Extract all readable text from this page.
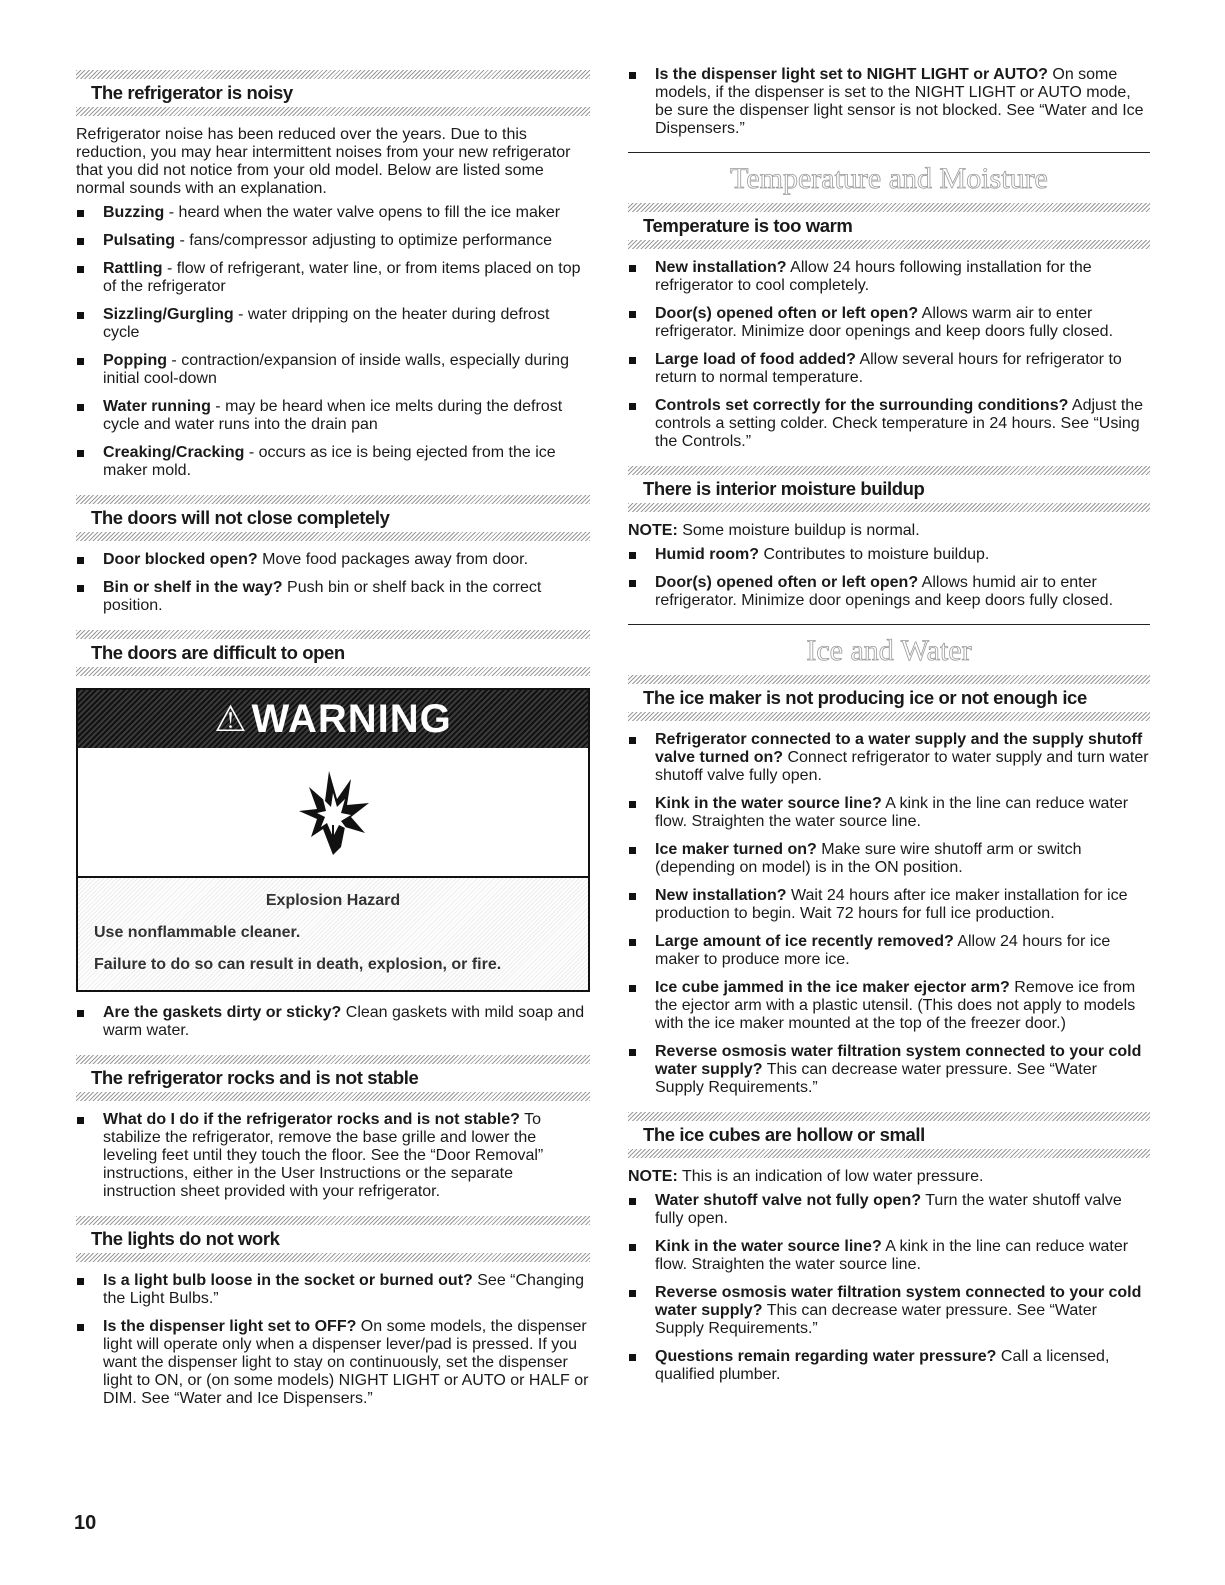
The refrigerator is noisy

Refrigerator noise has been reduced over the years. Due to this reduction, you may hear intermittent noises from your new refrigerator that you did not notice from your old model. Below are listed some normal sounds with an explanation.

Buzzing - heard when the water valve opens to fill the ice maker
Pulsating - fans/compressor adjusting to optimize performance
Rattling - flow of refrigerant, water line, or from items placed on top of the refrigerator
Sizzling/Gurgling - water dripping on the heater during defrost cycle
Popping - contraction/expansion of inside walls, especially during initial cool-down
Water running - may be heard when ice melts during the defrost cycle and water runs into the drain pan
Creaking/Cracking - occurs as ice is being ejected from the ice maker mold.
The doors will not close completely
Door blocked open? Move food packages away from door.
Bin or shelf in the way? Push bin or shelf back in the correct position.
The doors are difficult to open
⚠ WARNING
Explosion Hazard
Use nonflammable cleaner.
Failure to do so can result in death, explosion, or fire.
Are the gaskets dirty or sticky? Clean gaskets with mild soap and warm water.
The refrigerator rocks and is not stable
What do I do if the refrigerator rocks and is not stable? To stabilize the refrigerator, remove the base grille and lower the leveling feet until they touch the floor. See the “Door Removal” instructions, either in the User Instructions or the separate instruction sheet provided with your refrigerator.
The lights do not work
Is a light bulb loose in the socket or burned out? See “Changing the Light Bulbs.”
Is the dispenser light set to OFF? On some models, the dispenser light will operate only when a dispenser lever/pad is pressed. If you want the dispenser light to stay on continuously, set the dispenser light to ON, or (on some models) NIGHT LIGHT or AUTO or HALF or DIM. See “Water and Ice Dispensers.”
Is the dispenser light set to NIGHT LIGHT or AUTO? On some models, if the dispenser is set to the NIGHT LIGHT or AUTO mode, be sure the dispenser light sensor is not blocked. See “Water and Ice Dispensers.”
Temperature and Moisture
Temperature is too warm
New installation? Allow 24 hours following installation for the refrigerator to cool completely.
Door(s) opened often or left open? Allows warm air to enter refrigerator. Minimize door openings and keep doors fully closed.
Large load of food added? Allow several hours for refrigerator to return to normal temperature.
Controls set correctly for the surrounding conditions? Adjust the controls a setting colder. Check temperature in 24 hours. See “Using the Controls.”
There is interior moisture buildup

NOTE: Some moisture buildup is normal.

Humid room? Contributes to moisture buildup.
Door(s) opened often or left open? Allows humid air to enter refrigerator. Minimize door openings and keep doors fully closed.
Ice and Water
The ice maker is not producing ice or not enough ice
Refrigerator connected to a water supply and the supply shutoff valve turned on? Connect refrigerator to water supply and turn water shutoff valve fully open.
Kink in the water source line? A kink in the line can reduce water flow. Straighten the water source line.
Ice maker turned on? Make sure wire shutoff arm or switch (depending on model) is in the ON position.
New installation? Wait 24 hours after ice maker installation for ice production to begin. Wait 72 hours for full ice production.
Large amount of ice recently removed? Allow 24 hours for ice maker to produce more ice.
Ice cube jammed in the ice maker ejector arm? Remove ice from the ejector arm with a plastic utensil. (This does not apply to models with the ice maker mounted at the top of the freezer door.)
Reverse osmosis water filtration system connected to your cold water supply? This can decrease water pressure. See “Water Supply Requirements.”
The ice cubes are hollow or small

NOTE: This is an indication of low water pressure.

Water shutoff valve not fully open? Turn the water shutoff valve fully open.
Kink in the water source line? A kink in the line can reduce water flow. Straighten the water source line.
Reverse osmosis water filtration system connected to your cold water supply? This can decrease water pressure. See “Water Supply Requirements.”
Questions remain regarding water pressure? Call a licensed, qualified plumber.
10
